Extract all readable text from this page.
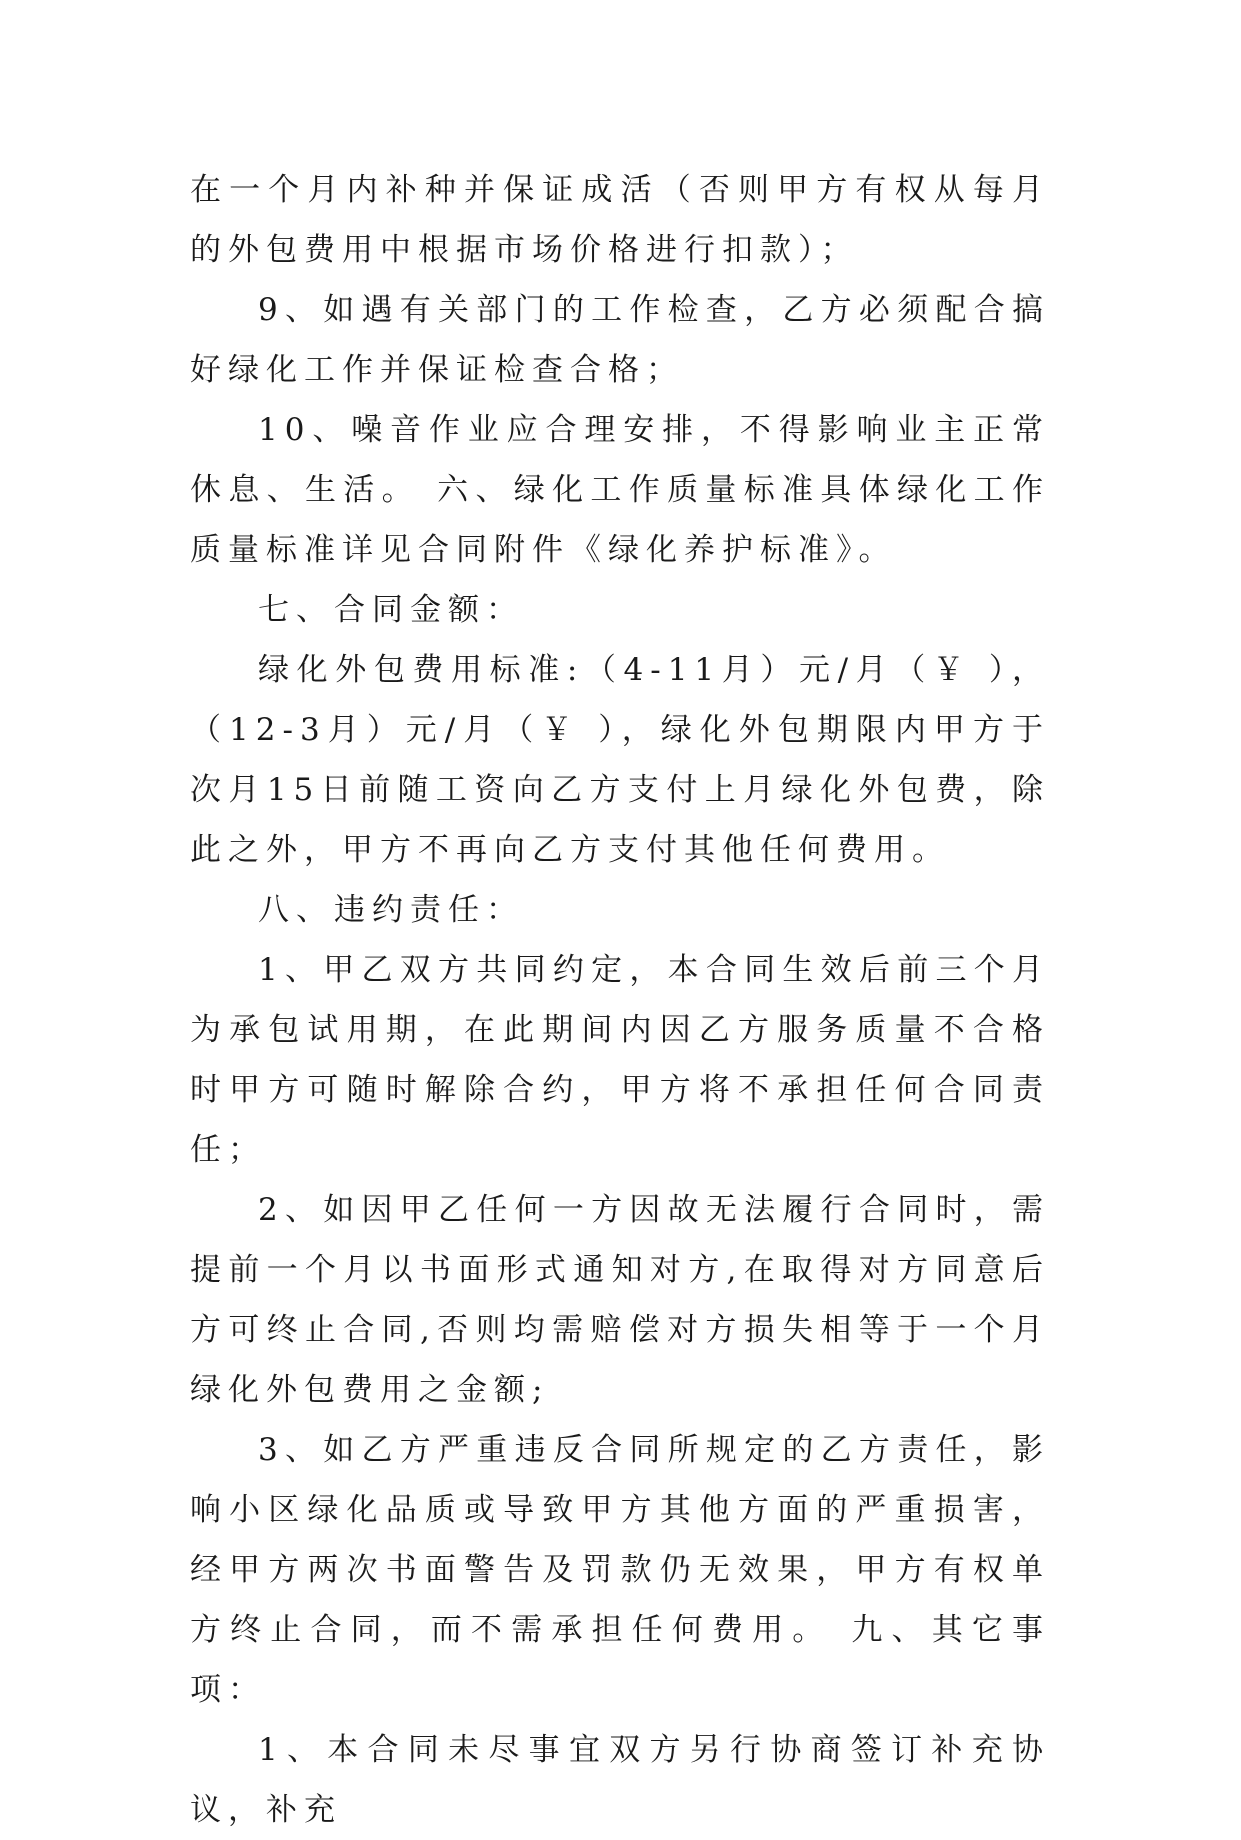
在一个月内补种并保证成活（否则甲方有权从每月的外包费用中根据市场价格进行扣款）；

9、如遇有关部门的工作检查，乙方必须配合搞好绿化工作并保证检查合格；

10、噪音作业应合理安排，不得影响业主正常休息、生活。 六、绿化工作质量标准具体绿化工作质量标准详见合同附件《绿化养护标准》。

七、合同金额：

绿化外包费用标准:（4-11月）元/月（￥ ），（12-3月）元/月（￥ ），绿化外包期限内甲方于次月15日前随工资向乙方支付上月绿化外包费，除此之外，甲方不再向乙方支付其他任何费用。

八、违约责任：

1、甲乙双方共同约定，本合同生效后前三个月为承包试用期，在此期间内因乙方服务质量不合格时甲方可随时解除合约，甲方将不承担任何合同责任；

2、如因甲乙任何一方因故无法履行合同时，需提前一个月以书面形式通知对方,在取得对方同意后方可终止合同,否则均需赔偿对方损失相等于一个月绿化外包费用之金额;

3、如乙方严重违反合同所规定的乙方责任，影响小区绿化品质或导致甲方其他方面的严重损害，经甲方两次书面警告及罚款仍无效果，甲方有权单方终止合同，而不需承担任何费用。 九、其它事项：

1、本合同未尽事宜双方另行协商签订补充协议，补充
